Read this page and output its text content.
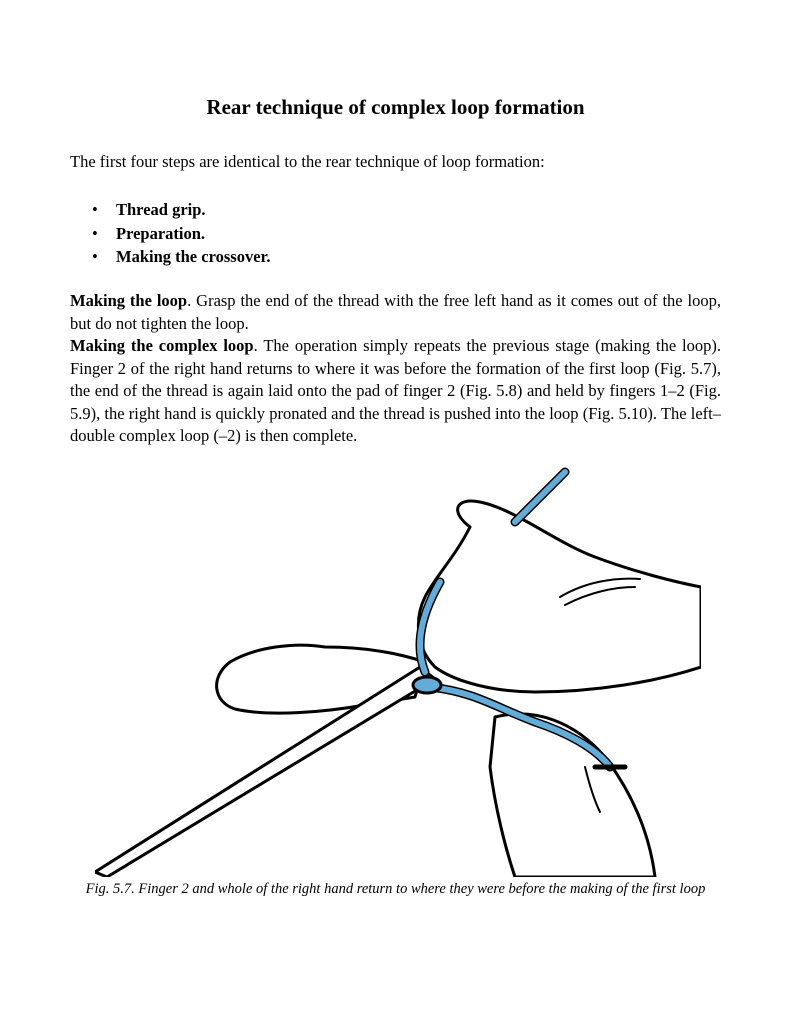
Rear technique of complex loop formation

The first four steps are identical to the rear technique of loop formation:

• Thread grip.
• Preparation.
• Making the crossover.

Making the loop. Grasp the end of the thread with the free left hand as it comes out of the loop, but do not tighten the loop.

Making the complex loop. The operation simply repeats the previous stage (making the loop). Finger 2 of the right hand returns to where it was before the formation of the first loop (Fig. 5.7), the end of the thread is again laid onto the pad of finger 2 (Fig. 5.8) and held by fingers 1–2 (Fig. 5.9), the right hand is quickly pronated and the thread is pushed into the loop (Fig. 5.10). The left–double complex loop (–2) is then complete.

Fig. 5.7. Finger 2 and whole of the right hand return to where they were before the making of the first loop
